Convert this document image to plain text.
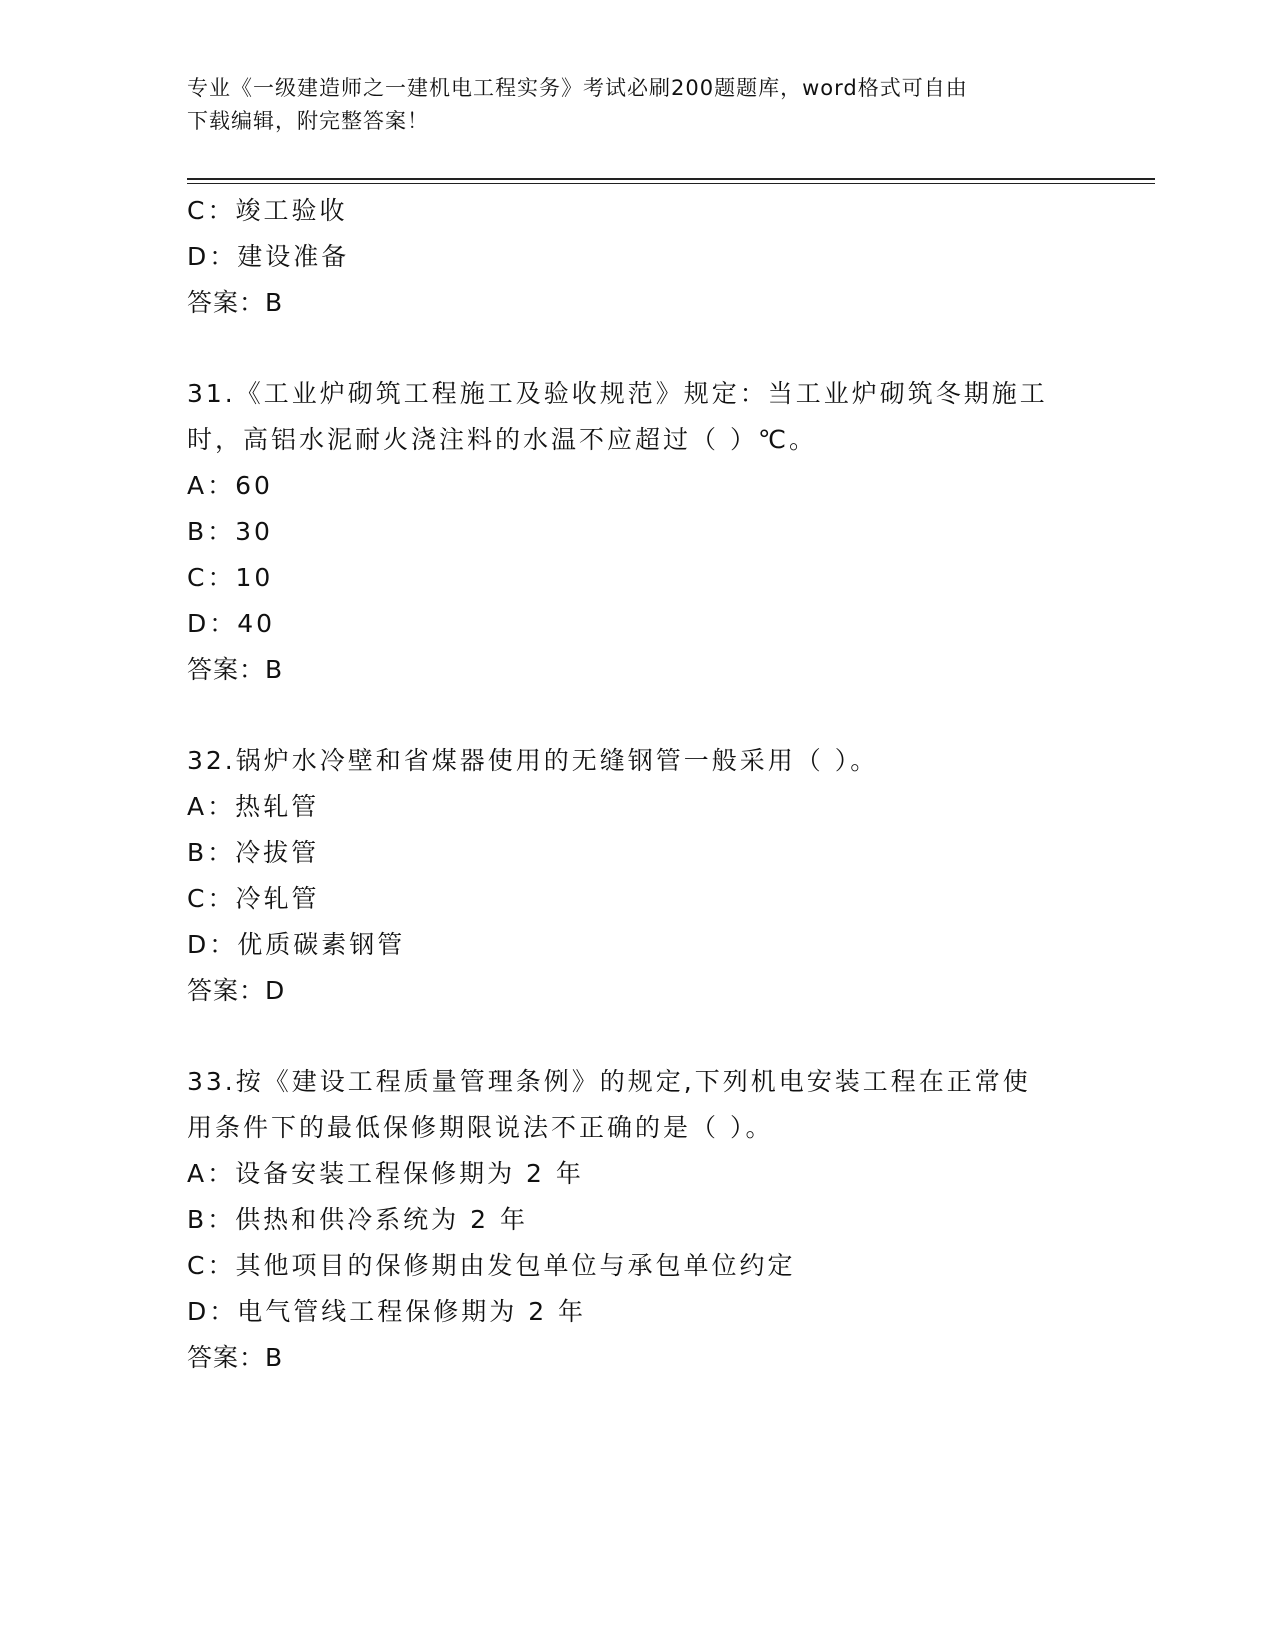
专业《一级建造师之一建机电工程实务》考试必刷200题题库，word格式可自由
下载编辑，附完整答案！
C：竣工验收
D：建设准备
答案：B
31.《工业炉砌筑工程施工及验收规范》规定：当工业炉砌筑冬期施工
时，高铝水泥耐火浇注料的水温不应超过（ ）℃。
A：60
B：30
C：10
D：40
答案：B
32.锅炉水冷壁和省煤器使用的无缝钢管一般采用（ ）。
A：热轧管
B：冷拔管
C：冷轧管
D：优质碳素钢管
答案：D
33.按《建设工程质量管理条例》的规定,下列机电安装工程在正常使
用条件下的最低保修期限说法不正确的是（ ）。
A：设备安装工程保修期为 2 年
B：供热和供冷系统为 2 年
C：其他项目的保修期由发包单位与承包单位约定
D：电气管线工程保修期为 2 年
答案：B
